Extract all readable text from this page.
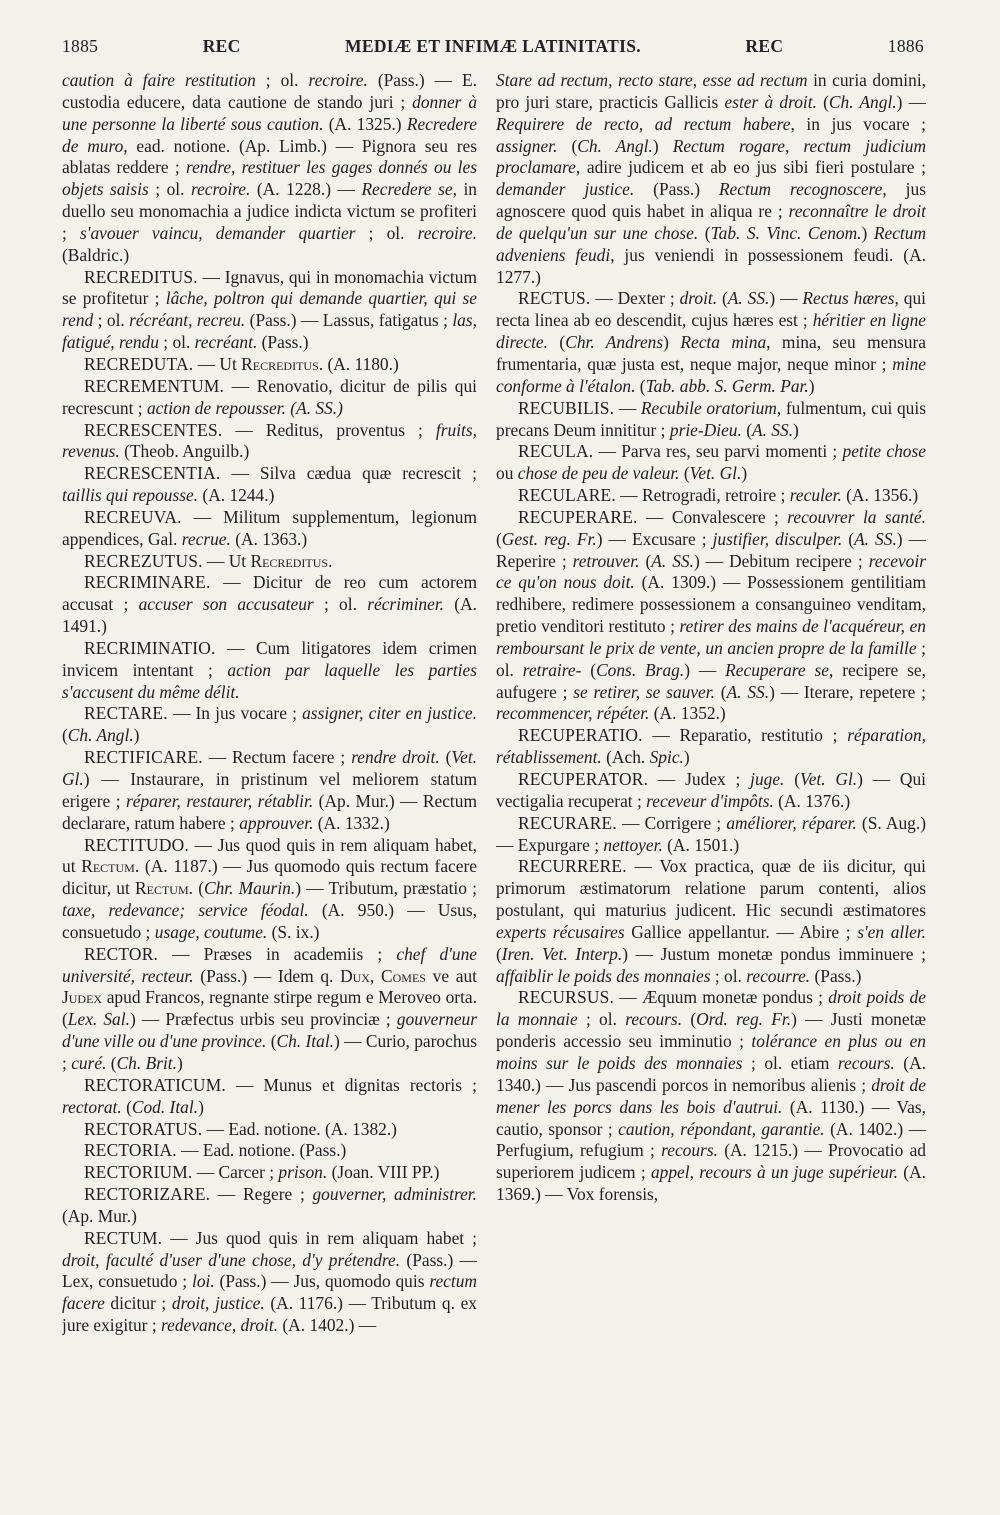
1885	REC	MEDIÆ ET INFIMÆ LATINITATIS.	REC	1886

caution à faire restitution ; ol. recroire. (Pass.) — E. custodia educere, data cautione de stando juri ; donner à une personne la liberté sous caution. (A. 1325.) Recredere de muro, ead. notione. (Ap. Limb.) — Pignora seu res ablatas reddere ; rendre, restituer les gages donnés ou les objets saisis ; ol. recroire. (A. 1228.) — Recredere se, in duello seu monomachia a judice indicta victum se profiteri ; s'avouer vaincu, demander quartier ; ol. recroire. (Baldric.)

RECREDITUS. — Ignavus, qui in monomachia victum se profitetur ; lâche, poltron qui demande quartier, qui se rend ; ol. récréant, recreu. (Pass.) — Lassus, fatigatus ; las, fatigué, rendu ; ol. recréant. (Pass.)

RECREDUTA. — Ut Recreditus. (A. 1180.)

RECREMENTUM. — Renovatio, dicitur de pilis qui recrescunt ; action de repousser. (A. SS.)

RECRESCENTES. — Reditus, proventus ; fruits, revenus. (Theob. Anguilb.)

RECRESCENTIA. — Silva cædua quæ recrescit ; taillis qui repousse. (A. 1244.)

RECREUVA. — Militum supplementum, legionum appendices, Gal. recrue. (A. 1363.)

RECREZUTUS. — Ut Recreditus.

RECRIMINARE. — Dicitur de reo cum actorem accusat ; accuser son accusateur ; ol. récriminer. (A. 1491.)

RECRIMINATIO. — Cum litigatores idem crimen invicem intentant ; action par laquelle les parties s'accusent du même délit.

RECTARE. — In jus vocare ; assigner, citer en justice. (Ch. Angl.)

RECTIFICARE. — Rectum facere ; rendre droit. (Vet. Gl.) — Instaurare, in pristinum vel meliorem statum erigere ; réparer, restaurer, rétablir. (Ap. Mur.) — Rectum declarare, ratum habere ; approuver. (A. 1332.)

RECTITUDO. — Jus quod quis in rem aliquam habet, ut Rectum. (A. 1187.) — Jus quomodo quis rectum facere dicitur, ut Rectum. (Chr. Maurin.) — Tributum, præstatio ; taxe, redevance; service féodal. (A. 950.) — Usus, consuetudo ; usage, coutume. (S. ix.)

RECTOR. — Præses in academiis ; chef d'une université, recteur. (Pass.) — Idem q. Dux, Comes ve aut Judex apud Francos, regnante stirpe regum e Meroveo orta. (Lex. Sal.) — Præfectus urbis seu provinciæ ; gouverneur d'une ville ou d'une province. (Ch. Ital.) — Curio, parochus ; curé. (Ch. Brit.)

RECTORATICUM. — Munus et dignitas rectoris ; rectorat. (Cod. Ital.)

RECTORATUS. — Ead. notione. (A. 1382.)

RECTORIA. — Ead. notione. (Pass.)

RECTORIUM. — Carcer ; prison. (Joan. VIII PP.)

RECTORIZARE. — Regere ; gouverner, administrer. (Ap. Mur.)

RECTUM. — Jus quod quis in rem aliquam habet ; droit, faculté d'user d'une chose, d'y prétendre. (Pass.) — Lex, consuetudo ; loi. (Pass.) — Jus, quomodo quis rectum facere dicitur ; droit, justice. (A. 1176.) — Tributum q. ex jure exigitur ; redevance, droit. (A. 1402.) —

Stare ad rectum, recto stare, esse ad rectum in curia domini, pro juri stare, practicis Gallicis ester à droit. (Ch. Angl.) — Requirere de recto, ad rectum habere, in jus vocare ; assigner. (Ch. Angl.) Rectum rogare, rectum judicium proclamare, adire judicem et ab eo jus sibi fieri postulare ; demander justice. (Pass.) Rectum recognoscere, jus agnoscere quod quis habet in aliqua re ; reconnaître le droit de quelqu'un sur une chose. (Tab. S. Vinc. Cenom.) Rectum adveniens feudi, jus veniendi in possessionem feudi. (A. 1277.)

RECTUS. — Dexter ; droit. (A. SS.) — Rectus hæres, qui recta linea ab eo descendit, cujus hæres est ; héritier en ligne directe. (Chr. Andrens) Recta mina, mina, seu mensura frumentaria, quæ justa est, neque major, neque minor ; mine conforme à l'étalon. (Tab. abb. S. Germ. Par.)

RECUBILIS. — Recubile oratorium, fulmentum, cui quis precans Deum innititur ; prie-Dieu. (A. SS.)

RECULA. — Parva res, seu parvi momenti ; petite chose ou chose de peu de valeur. (Vet. Gl.)

RECULARE. — Retrogradi, retroire ; reculer. (A. 1356.)

RECUPERARE. — Convalescere ; recouvrer la santé. (Gest. reg. Fr.) — Excusare ; justifier, disculper. (A. SS.) — Reperire ; retrouver. (A. SS.) — Debitum recipere ; recevoir ce qu'on nous doit. (A. 1309.) — Possessionem gentilitiam redhibere, redimere possessionem a consanguineo venditam, pretio venditori restituto ; retirer des mains de l'acquéreur, en remboursant le prix de vente, un ancien propre de la famille ; ol. retraire- (Cons. Brag.) — Recuperare se, recipere se, aufugere ; se retirer, se sauver. (A. SS.) — Iterare, repetere ; recommencer, répéter. (A. 1352.)

RECUPERATIO. — Reparatio, restitutio ; réparation, rétablissement. (Ach. Spic.)

RECUPERATOR. — Judex ; juge. (Vet. Gl.) — Qui vectigalia recuperat ; receveur d'impôts. (A. 1376.)

RECURARE. — Corrigere ; améliorer, réparer. (S. Aug.) — Expurgare ; nettoyer. (A. 1501.)

RECURRERE. — Vox practica, quæ de iis dicitur, qui primorum æstimatorum relatione parum contenti, alios postulant, qui maturius judicent. Hic secundi æstimatores experts récusaires Gallice appellantur. — Abire ; s'en aller. (Iren. Vet. Interp.) — Justum monetæ pondus imminuere ; affaiblir le poids des monnaies ; ol. recourre. (Pass.)

RECURSUS. — Æquum monetæ pondus ; droit poids de la monnaie ; ol. recours. (Ord. reg. Fr.) — Justi monetæ ponderis accessio seu imminutio ; tolérance en plus ou en moins sur le poids des monnaies ; ol. etiam recours. (A. 1340.) — Jus pascendi porcos in nemoribus alienis ; droit de mener les porcs dans les bois d'autrui. (A. 1130.) — Vas, cautio, sponsor ; caution, répondant, garantie. (A. 1402.) — Perfugium, refugium ; recours. (A. 1215.) — Provocatio ad superiorem judicem ; appel, recours à un juge supérieur. (A. 1369.) — Vox forensis,
